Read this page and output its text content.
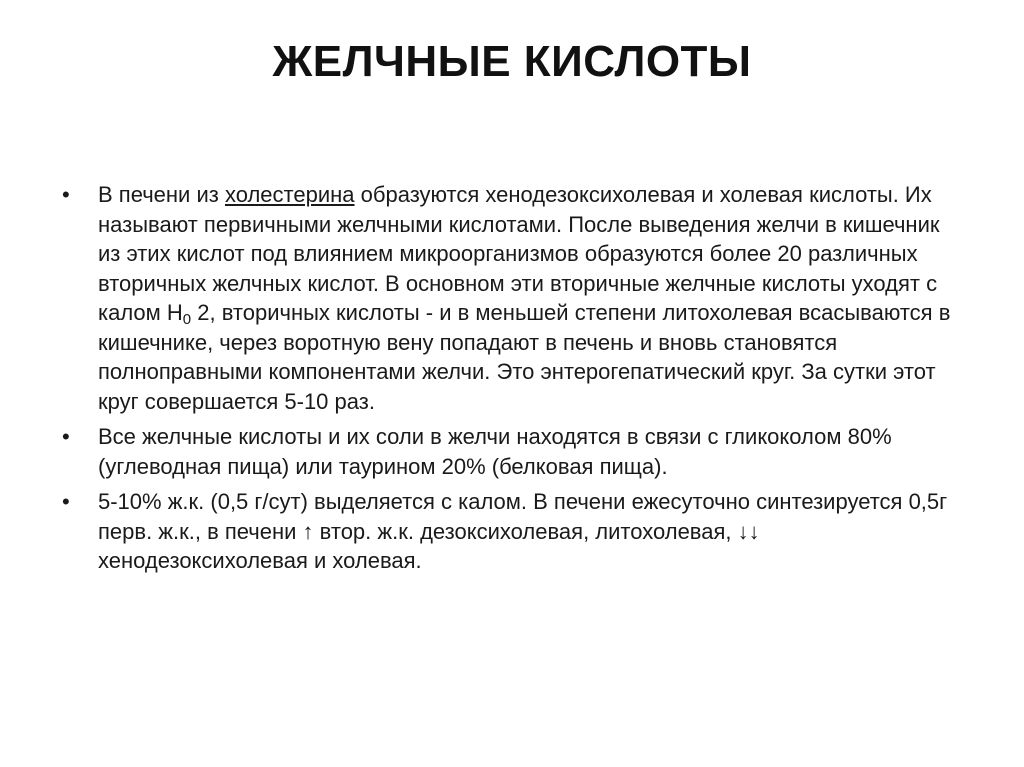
ЖЕЛЧНЫЕ КИСЛОТЫ
•	В печени из холестерина образуются хенодезоксихолевая и холевая кислоты. Их называют первичными желчными кислотами. После выведения желчи в кишечник из этих кислот под влиянием микроорганизмов образуются более 20 различных вторичных желчных кислот. В основном эти вторичные желчные кислоты уходят с калом $Н_0$ 2, вторичных кислоты - и в меньшей степени литохолевая всасываются в кишечнике, через воротную вену попадают в печень и вновь становятся полноправными компонентами желчи. Это энтерогепатический круг. За сутки этот круг совершается 5-10 раз.
•	Все желчные кислоты и их соли в желчи находятся в связи с гликоколом 80% (углеводная пища) или таурином 20% (белковая пища).
•	5-10% ж.к. (0,5 г/сут) выделяется с калом. В печени ежесуточно синтезируется 0,5г перв. ж.к., в печени ↑ втор. ж.к. дезоксихолевая, литохолевая, ↓↓ хенодезоксихолевая и холевая.
